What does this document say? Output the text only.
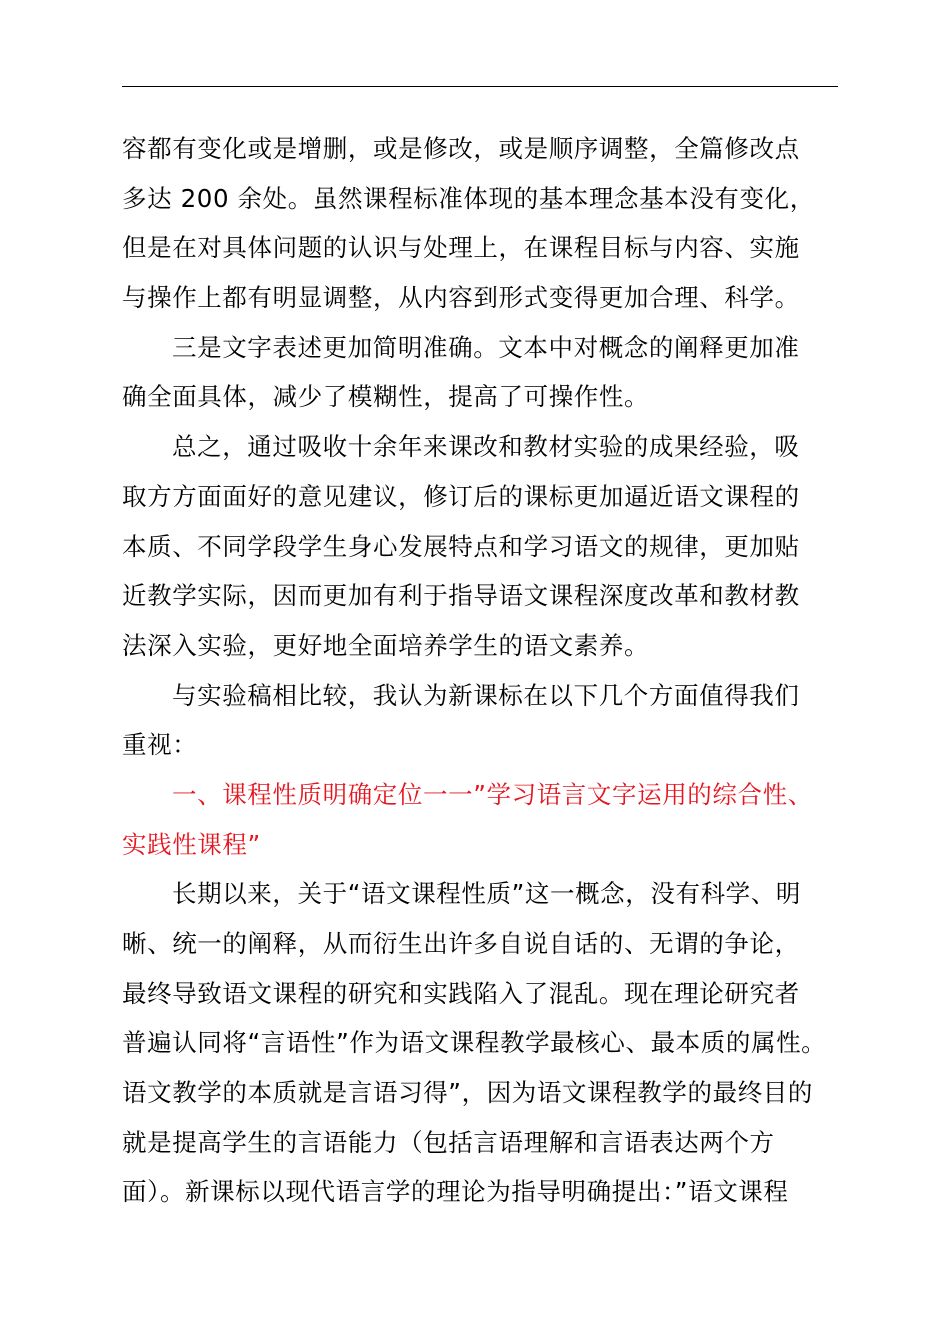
容都有变化或是增删，或是修改，或是顺序调整，全篇修改点
多达 200 余处。虽然课程标准体现的基本理念基本没有变化，
但是在对具体问题的认识与处理上，在课程目标与内容、实施
与操作上都有明显调整，从内容到形式变得更加合理、科学。
三是文字表述更加简明准确。文本中对概念的阐释更加准
确全面具体，减少了模糊性，提高了可操作性。
总之，通过吸收十余年来课改和教材实验的成果经验，吸
取方方面面好的意见建议，修订后的课标更加逼近语文课程的
本质、不同学段学生身心发展特点和学习语文的规律，更加贴
近教学实际，因而更加有利于指导语文课程深度改革和教材教
法深入实验，更好地全面培养学生的语文素养。
与实验稿相比较，我认为新课标在以下几个方面值得我们
重视：
一、课程性质明确定位一一”学习语言文字运用的综合性、
实践性课程”
长期以来，关于“语文课程性质”这一概念，没有科学、明
晰、统一的阐释，从而衍生出许多自说自话的、无谓的争论，
最终导致语文课程的研究和实践陷入了混乱。现在理论研究者
普遍认同将“言语性”作为语文课程教学最核心、最本质的属性。
语文教学的本质就是言语习得”，因为语文课程教学的最终目的
就是提高学生的言语能力（包括言语理解和言语表达两个方
面）。新课标以现代语言学的理论为指导明确提出：”语文课程
